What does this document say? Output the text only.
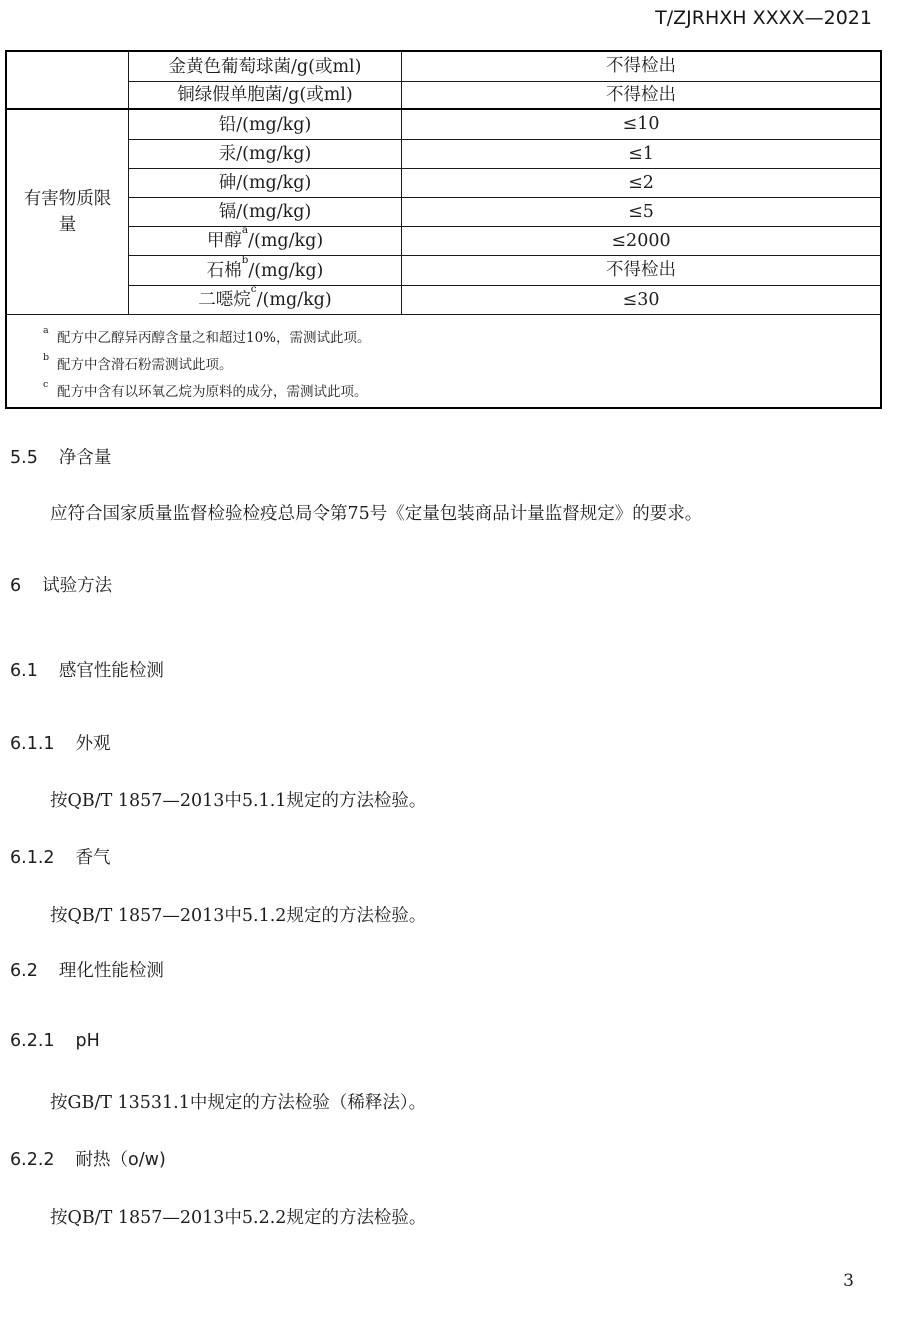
T/ZJRHXH XXXX—2021
有害物质限量
金黄色葡萄球菌/g(或ml)	不得检出
铜绿假单胞菌/g(或ml)	不得检出
铅/(mg/kg)	≤10
汞/(mg/kg)	≤1
砷/(mg/kg)	≤2
镉/(mg/kg)	≤5
甲醇$^a$/(mg/kg)	≤2000
石棉$^b$/(mg/kg)	不得检出
二噁烷$^c$/(mg/kg)	≤30
$^a$ 配方中乙醇异丙醇含量之和超过10%，需测试此项。
$^b$ 配方中含滑石粉需测试此项。
$^c$ 配方中含有以环氧乙烷为原料的成分，需测试此项。
5.5 净含量
应符合国家质量监督检验检疫总局令第75号《定量包装商品计量监督规定》的要求。
6 试验方法
6.1 感官性能检测
6.1.1 外观
按QB/T 1857—2013中5.1.1规定的方法检验。
6.1.2 香气
按QB/T 1857—2013中5.1.2规定的方法检验。
6.2 理化性能检测
6.2.1 pH
按GB/T 13531.1中规定的方法检验（稀释法）。
6.2.2 耐热（o/w)
按QB/T 1857—2013中5.2.2规定的方法检验。
3
